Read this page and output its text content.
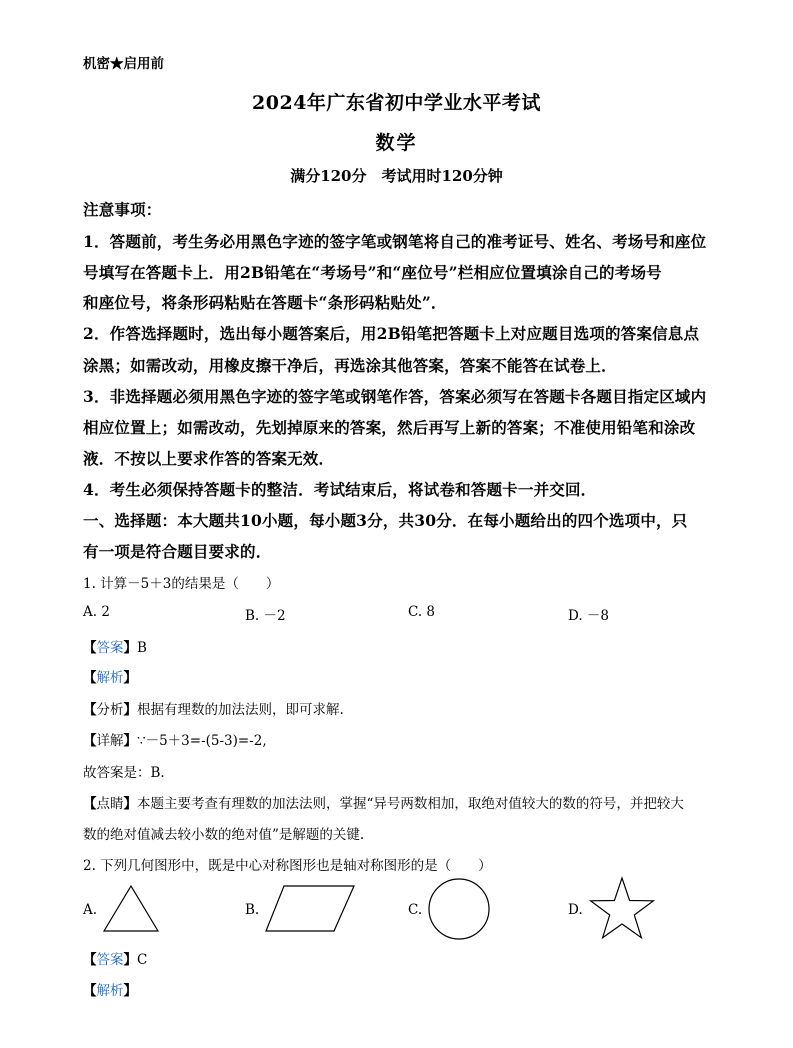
机密★启用前
2024年广东省初中学业水平考试
数学
满分120分　考试用时120分钟
注意事项：
1．答题前，考生务必用黑色字迹的签字笔或钢笔将自己的准考证号、姓名、考场号和座位
号填写在答题卡上．用2B铅笔在“考场号”和“座位号”栏相应位置填涂自己的考场号
和座位号，将条形码粘贴在答题卡“条形码粘贴处”．
2．作答选择题时，选出每小题答案后，用2B铅笔把答题卡上对应题目选项的答案信息点
涂黑；如需改动，用橡皮擦干净后，再选涂其他答案，答案不能答在试卷上．
3．非选择题必须用黑色字迹的签字笔或钢笔作答，答案必须写在答题卡各题目指定区域内
相应位置上；如需改动，先划掉原来的答案，然后再写上新的答案；不准使用铅笔和涂改
液．不按以上要求作答的答案无效．
4．考生必须保持答题卡的整洁．考试结束后，将试卷和答题卡一并交回．
一、选择题：本大题共10小题，每小题3分，共30分．在每小题给出的四个选项中，只
有一项是符合题目要求的．
1. 计算－5＋3的结果是（　　）
A. 2	B. －2	C. 8	D. －8
【答案】B
【解析】
【分析】根据有理数的加法法则，即可求解.
【详解】∵－5＋3=-(5-3)=-2,
故答案是：B.
【点睛】本题主要考查有理数的加法法则，掌握“异号两数相加，取绝对值较大的数的符号，并把较大
数的绝对值减去较小数的绝对值”是解题的关键.
2. 下列几何图形中，既是中心对称图形也是轴对称图形的是（　　）
A.	B.	C.	D.
【答案】C
【解析】
